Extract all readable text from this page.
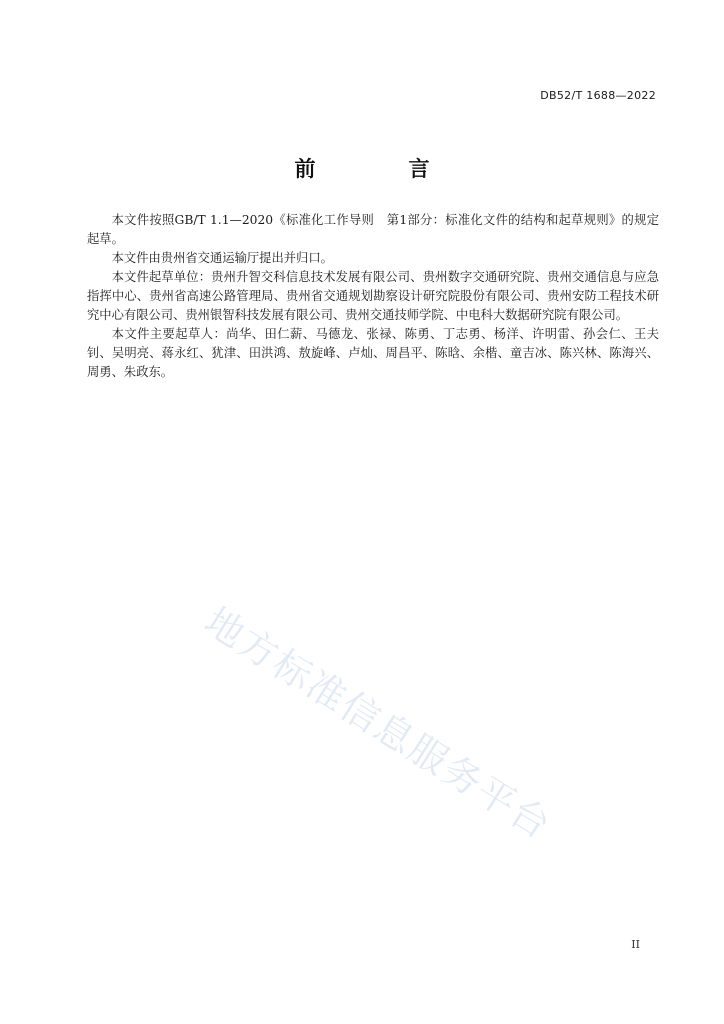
DB52/T 1688—2022
前　言

本文件按照GB/T 1.1—2020《标准化工作导则　第1部分：标准化文件的结构和起草规则》的规定起草。

本文件由贵州省交通运输厅提出并归口。

本文件起草单位：贵州升智交科信息技术发展有限公司、贵州数字交通研究院、贵州交通信息与应急指挥中心、贵州省高速公路管理局、贵州省交通规划勘察设计研究院股份有限公司、贵州安防工程技术研究中心有限公司、贵州银智科技发展有限公司、贵州交通技师学院、中电科大数据研究院有限公司。

本文件主要起草人：尚华、田仁薪、马德龙、张禄、陈勇、丁志勇、杨洋、许明雷、孙会仁、王夫钊、吴明亮、蒋永红、犹津、田洪鸿、敖旋峰、卢灿、周昌平、陈晗、余楷、童吉冰、陈兴林、陈海兴、周勇、朱政东。

地方标准信息服务平台
II
